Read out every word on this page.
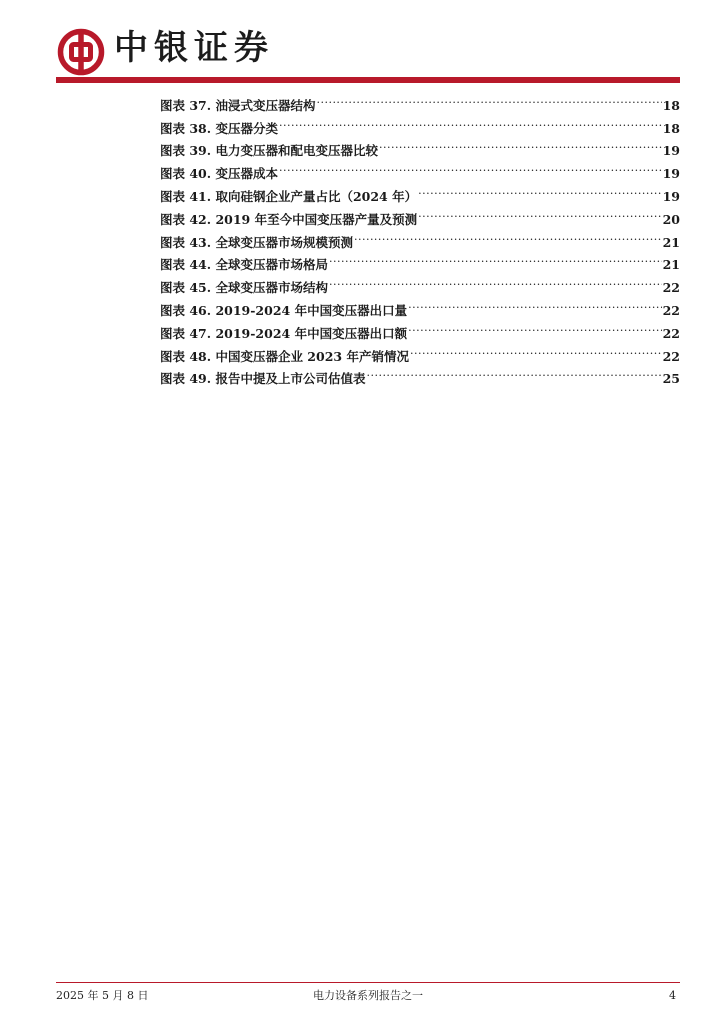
中银证券
图表 37. 油浸式变压器结构 .....	18
图表 38. 变压器分类 .....	18
图表 39. 电力变压器和配电变压器比较 .....	19
图表 40. 变压器成本 .....	19
图表 41. 取向硅钢企业产量占比（2024 年） .....	19
图表 42. 2019 年至今中国变压器产量及预测 .....	20
图表 43. 全球变压器市场规模预测 .....	21
图表 44. 全球变压器市场格局 .....	21
图表 45. 全球变压器市场结构 .....	22
图表 46. 2019-2024 年中国变压器出口量 .....	22
图表 47. 2019-2024 年中国变压器出口额 .....	22
图表 48. 中国变压器企业 2023 年产销情况 .....	22
图表 49. 报告中提及上市公司估值表 .....	25
2025 年 5 月 8 日	电力设备系列报告之一	4
